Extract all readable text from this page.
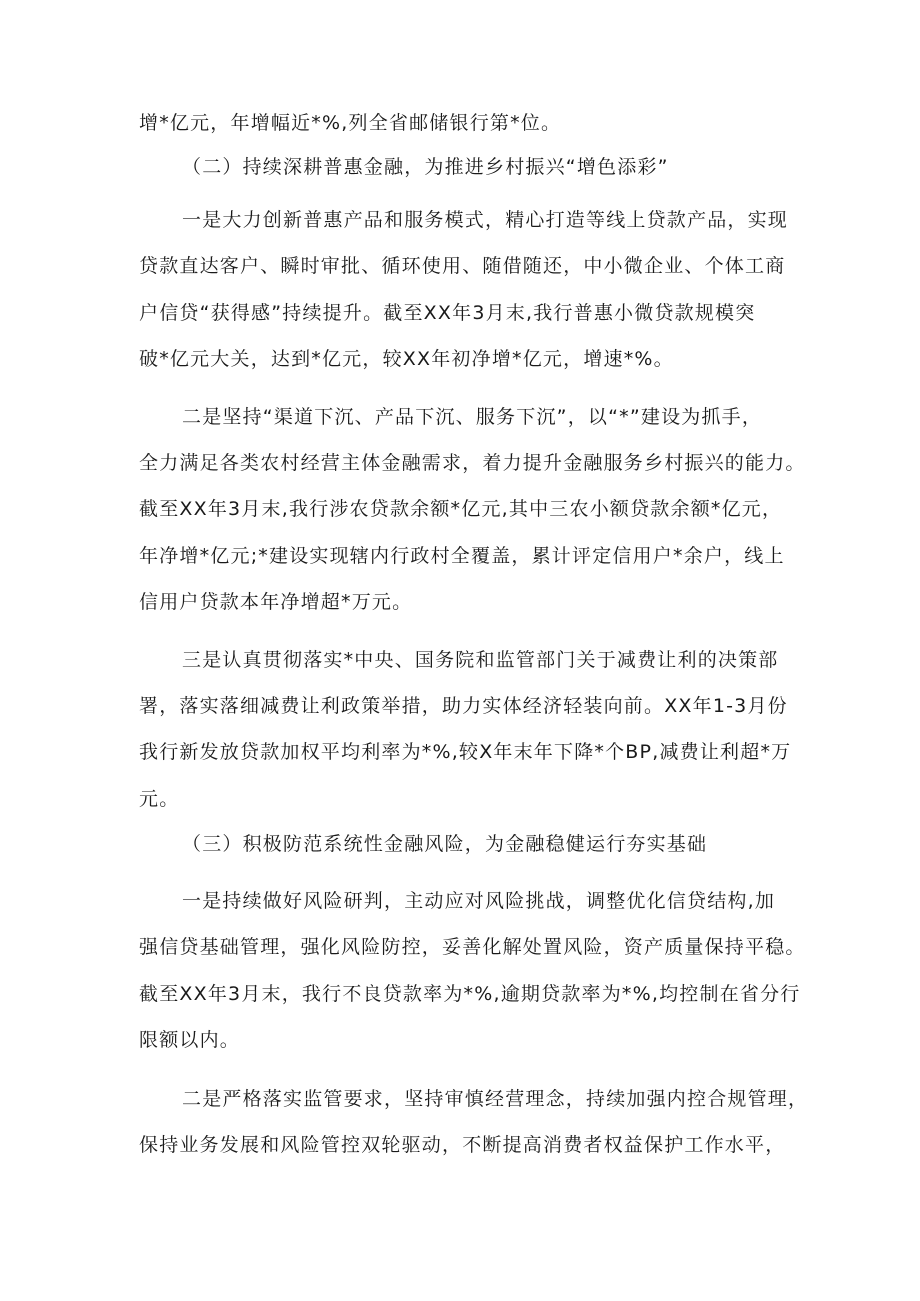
增*亿元，年增幅近*%,列全省邮储银行第*位。
（二）持续深耕普惠金融，为推进乡村振兴“增色添彩”
一是大力创新普惠产品和服务模式，精心打造等线上贷款产品，实现
贷款直达客户、瞬时审批、循环使用、随借随还，中小微企业、个体工商
户信贷“获得感”持续提升。截至XX年3月末,我行普惠小微贷款规模突
破*亿元大关，达到*亿元，较XX年初净增*亿元，增速*%。
二是坚持“渠道下沉、产品下沉、服务下沉”，以“*”建设为抓手，
全力满足各类农村经营主体金融需求，着力提升金融服务乡村振兴的能力。
截至XX年3月末,我行涉农贷款余额*亿元,其中三农小额贷款余额*亿元，
年净增*亿元;*建设实现辖内行政村全覆盖，累计评定信用户*余户，线上
信用户贷款本年净增超*万元。
三是认真贯彻落实*中央、国务院和监管部门关于减费让利的决策部
署，落实落细减费让利政策举措，助力实体经济轻装向前。XX年1-3月份
我行新发放贷款加权平均利率为*%,较X年末年下降*个BP,减费让利超*万
元。
（三）积极防范系统性金融风险，为金融稳健运行夯实基础
一是持续做好风险研判，主动应对风险挑战，调整优化信贷结构,加
强信贷基础管理，强化风险防控，妥善化解处置风险，资产质量保持平稳。
截至XX年3月末，我行不良贷款率为*%,逾期贷款率为*%,均控制在省分行
限额以内。
二是严格落实监管要求，坚持审慎经营理念，持续加强内控合规管理，
保持业务发展和风险管控双轮驱动，不断提高消费者权益保护工作水平，
